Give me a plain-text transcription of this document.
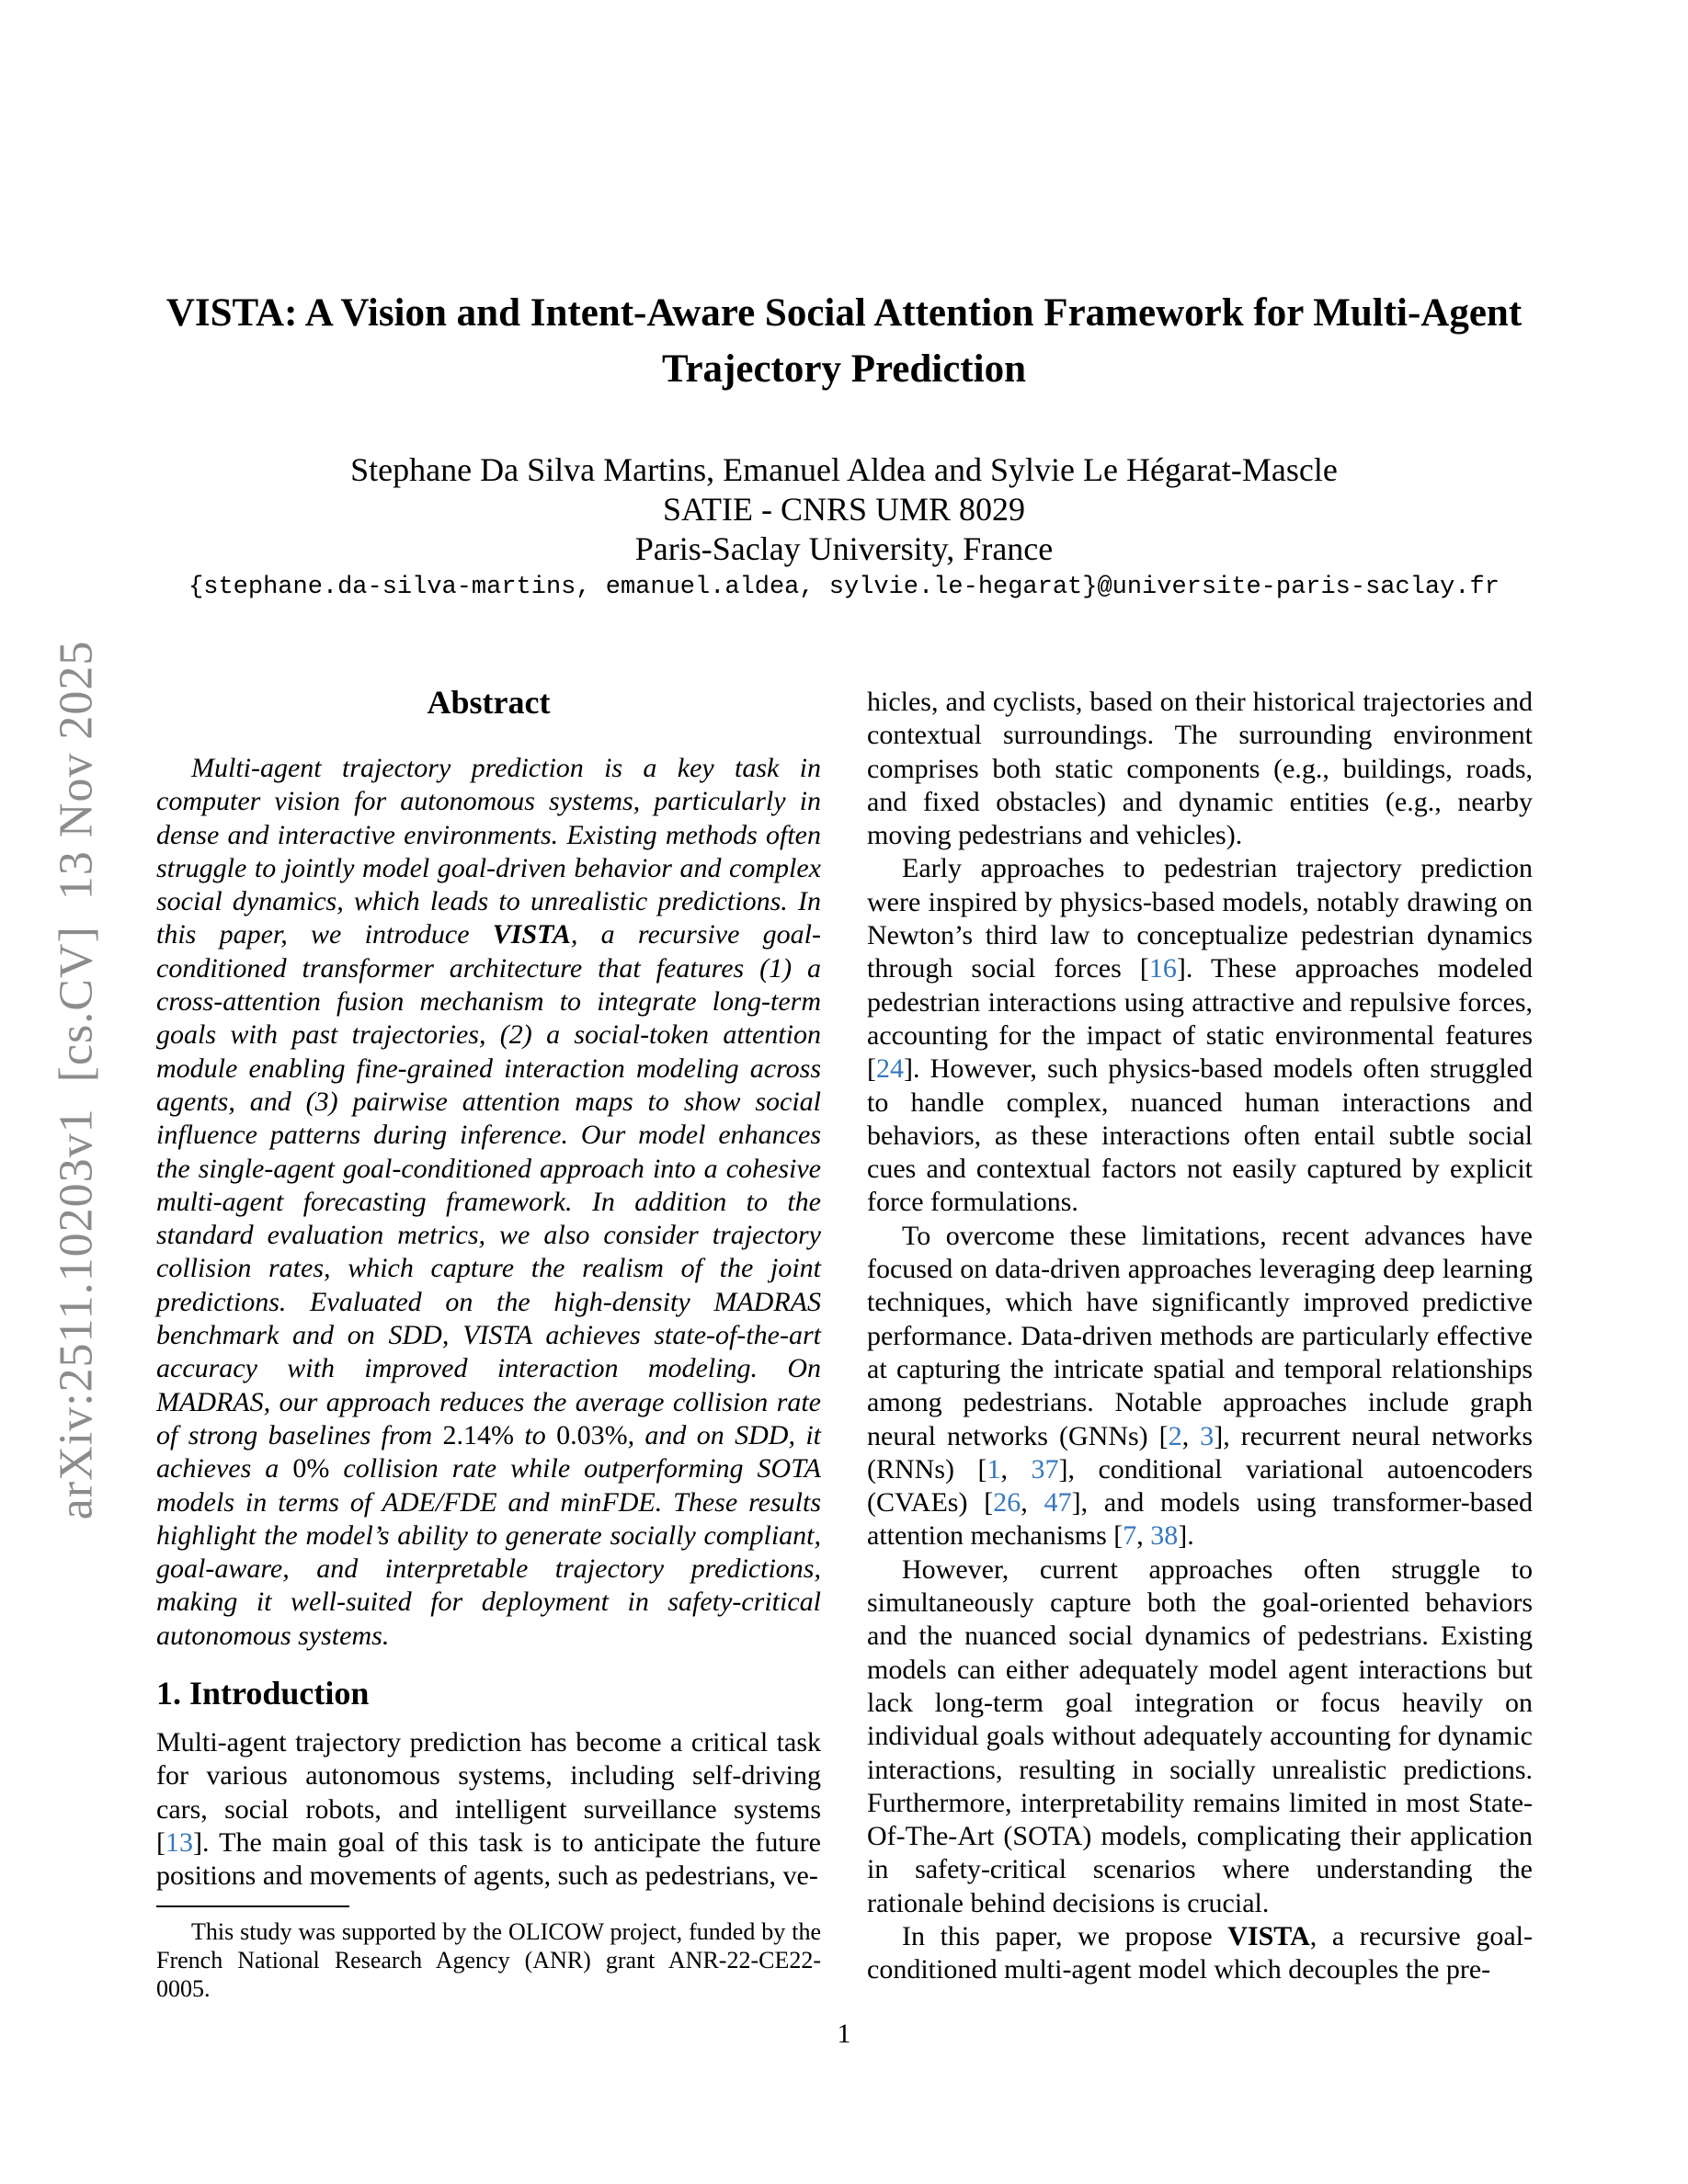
arXiv:2511.10203v1  [cs.CV]  13 Nov 2025
VISTA: A Vision and Intent-Aware Social Attention Framework for Multi-Agent
Trajectory Prediction
Stephane Da Silva Martins, Emanuel Aldea and Sylvie Le Hégarat-Mascle
SATIE - CNRS UMR 8029
Paris-Saclay University, France
{stephane.da-silva-martins, emanuel.aldea, sylvie.le-hegarat}@universite-paris-saclay.fr
Abstract
Multi-agent trajectory prediction is a key task in computer vision for autonomous systems, particularly in dense and interactive environments. Existing methods often struggle to jointly model goal-driven behavior and complex social dynamics, which leads to unrealistic predictions. In this paper, we introduce VISTA, a recursive goal-conditioned transformer architecture that features (1) a cross-attention fusion mechanism to integrate long-term goals with past trajectories, (2) a social-token attention module enabling fine-grained interaction modeling across agents, and (3) pairwise attention maps to show social influence patterns during inference. Our model enhances the single-agent goal-conditioned approach into a cohesive multi-agent forecasting framework. In addition to the standard evaluation metrics, we also consider trajectory collision rates, which capture the realism of the joint predictions. Evaluated on the high-density MADRAS benchmark and on SDD, VISTA achieves state-of-the-art accuracy with improved interaction modeling. On MADRAS, our approach reduces the average collision rate of strong baselines from 2.14% to 0.03%, and on SDD, it achieves a 0% collision rate while outperforming SOTA models in terms of ADE/FDE and minFDE. These results highlight the model’s ability to generate socially compliant, goal-aware, and interpretable trajectory predictions, making it well-suited for deployment in safety-critical autonomous systems.
1. Introduction
Multi-agent trajectory prediction has become a critical task for various autonomous systems, including self-driving cars, social robots, and intelligent surveillance systems [13]. The main goal of this task is to anticipate the future positions and movements of agents, such as pedestrians, ve-

hicles, and cyclists, based on their historical trajectories and contextual surroundings. The surrounding environment comprises both static components (e.g., buildings, roads, and fixed obstacles) and dynamic entities (e.g., nearby moving pedestrians and vehicles).

Early approaches to pedestrian trajectory prediction were inspired by physics-based models, notably drawing on Newton’s third law to conceptualize pedestrian dynamics through social forces [16]. These approaches modeled pedestrian interactions using attractive and repulsive forces, accounting for the impact of static environmental features [24]. However, such physics-based models often struggled to handle complex, nuanced human interactions and behaviors, as these interactions often entail subtle social cues and contextual factors not easily captured by explicit force formulations.

To overcome these limitations, recent advances have focused on data-driven approaches leveraging deep learning techniques, which have significantly improved predictive performance. Data-driven methods are particularly effective at capturing the intricate spatial and temporal relationships among pedestrians. Notable approaches include graph neural networks (GNNs) [2, 3], recurrent neural networks (RNNs) [1, 37], conditional variational autoencoders (CVAEs) [26, 47], and models using transformer-based attention mechanisms [7, 38].

However, current approaches often struggle to simultaneously capture both the goal-oriented behaviors and the nuanced social dynamics of pedestrians. Existing models can either adequately model agent interactions but lack long-term goal integration or focus heavily on individual goals without adequately accounting for dynamic interactions, resulting in socially unrealistic predictions. Furthermore, interpretability remains limited in most State-Of-The-Art (SOTA) models, complicating their application in safety-critical scenarios where understanding the rationale behind decisions is crucial.

In this paper, we propose VISTA, a recursive goal-conditioned multi-agent model which decouples the pre-

This study was supported by the OLICOW project, funded by the French National Research Agency (ANR) grant ANR-22-CE22-0005.
1
